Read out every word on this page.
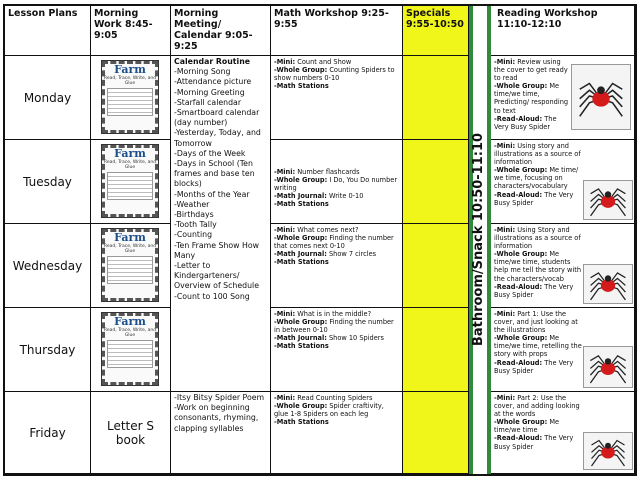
Lesson Plans	Morning Work 8:45-9:05
Morning Meeting/ Calendar 9:05-9:25
Math Workshop 9:25-9:55
Specials 9:55-10:50
Reading Workshop 11:10-12:10
Monday
Tuesday
Wednesday
Thursday
Friday
Farm
Read, Trace, Write, and Glue
Farm
Read, Trace, Write, and Glue
Farm
Read, Trace, Write, and Glue
Farm
Read, Trace, Write, and Glue
Letter S book
Calendar Routine
-Morning Song
-Attendance picture
-Morning Greeting
-Starfall calendar
-Smartboard calendar (day number)
-Yesterday, Today, and Tomorrow
-Days of the Week
-Days in School (Ten frames and base ten blocks)
-Months of the Year
-Weather
-Birthdays
-Tooth Tally
-Counting
-Ten Frame Show How Many
-Letter to Kindergarteners/ Overview of Schedule
-Count to 100 Song
-Itsy Bitsy Spider Poem
-Work on beginning consonants, rhyming, clapping syllables
-Mini: Count and Show
-Whole Group: Counting Spiders to show numbers 0-10
-Math Stations
-Mini: Number flashcards
-Whole Group: I Do, You Do number writing
-Math Journal: Write 0-10
-Math Stations
-Mini: What comes next?
-Whole Group: Finding the number that comes next 0-10
-Math Journal: Show 7 circles
-Math Stations
-Mini: What is in the middle?
-Whole Group: Finding the number in between 0-10
-Math Journal: Show 10 Spiders
-Math Stations
-Mini: Read Counting Spiders
-Whole Group: Spider craftivity, glue 1-8 Spiders on each leg
-Math Stations
-Mini: Review using the cover to get ready to read
-Whole Group: Me time/we time, Predicting/ responding to text
-Read-Aloud: The Very Busy Spider
-Mini: Using story and illustrations as a source of information
-Whole Group: Me time/ we time, focusing on characters/vocabulary
-Read-Aloud: The Very Busy Spider
-Mini: Using Story and illustrations as a source of information
-Whole Group: Me time/we time, students help me tell the story with the characters/vocab
-Read-Aloud: The Very Busy Spider
-Mini: Part 1: Use the cover, and just looking at the illustrations
-Whole Group: Me time/we time, retelling the story with props
-Read-Aloud: The Very Busy Spider
-Mini: Part 2: Use the cover, and adding looking at the words
-Whole Group: Me time/we time
-Read-Aloud: The Very Busy Spider
Bathroom/Snack 10:50-11:10
